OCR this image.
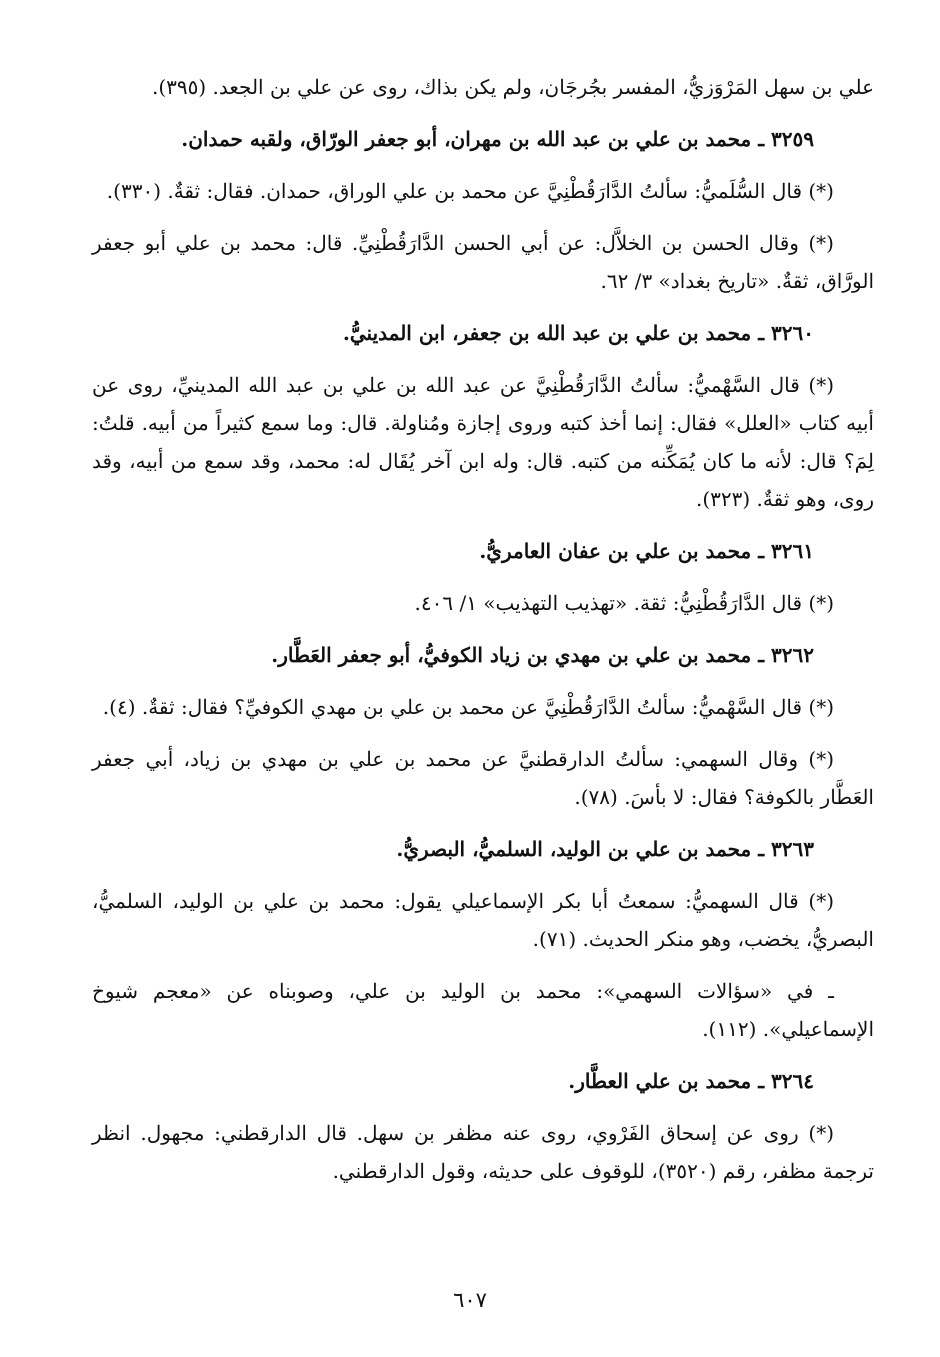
علي بن سهل المَرْوَزيُّ، المفسر بجُرجَان، ولم يكن بذاك، روى عن علي بن الجعد. (٣٩٥).

٣٢٥٩ ـ محمد بن علي بن عبد الله بن مهران، أبو جعفر الورّاق، ولقبه حمدان.

(*) قال السُّلَميُّ: سألتُ الدَّارَقُطْنِيَّ عن محمد بن علي الوراق، حمدان. فقال: ثقةٌ. (٣٣٠).

(*) وقال الحسن بن الخلاَّل: عن أبي الحسن الدَّارَقُطْنِيِّ. قال: محمد بن علي أبو جعفر الورَّاق، ثقةٌ. «تاريخ بغداد» ٣/ ٦٢.

٣٢٦٠ ـ محمد بن علي بن عبد الله بن جعفر، ابن المدينيُّ.

(*) قال السَّهْميُّ: سألتُ الدَّارَقُطْنِيَّ عن عبد الله بن علي بن عبد الله المدينيِّ، روى عن أبيه كتاب «العلل» فقال: إنما أخذ كتبه وروى إجازة ومُناولة. قال: وما سمع كثيراً من أبيه. قلتُ: لِمَ؟ قال: لأنه ما كان يُمَكِّنه من كتبه. قال: وله ابن آخر يُقَال له: محمد، وقد سمع من أبيه، وقد روى، وهو ثقةٌ. (٣٢٣).

٣٢٦١ ـ محمد بن علي بن عفان العامريُّ.

(*) قال الدَّارَقُطْنِيُّ: ثقة. «تهذيب التهذيب» ١/ ٤٠٦.

٣٢٦٢ ـ محمد بن علي بن مهدي بن زياد الكوفيُّ، أبو جعفر العَطَّار.

(*) قال السَّهْميُّ: سألتُ الدَّارَقُطْنِيَّ عن محمد بن علي بن مهدي الكوفيِّ؟ فقال: ثقةٌ. (٤).

(*) وقال السهمي: سألتُ الدارقطنيَّ عن محمد بن علي بن مهدي بن زياد، أبي جعفر العَطَّار بالكوفة؟ فقال: لا بأسَ. (٧٨).

٣٢٦٣ ـ محمد بن علي بن الوليد، السلميُّ، البصريُّ.

(*) قال السهميُّ: سمعتُ أبا بكر الإسماعيلي يقول: محمد بن علي بن الوليد، السلميُّ، البصريُّ، يخضب، وهو منكر الحديث. (٧١).

ـ في «سؤالات السهمي»: محمد بن الوليد بن علي، وصوبناه عن «معجم شيوخ الإسماعيلي». (١١٢).

٣٢٦٤ ـ محمد بن علي العطَّار.

(*) روى عن إسحاق الفَرْوي، روى عنه مظفر بن سهل. قال الدارقطني: مجهول. انظر ترجمة مظفر، رقم (٣٥٢٠)، للوقوف على حديثه، وقول الدارقطني.

٦٠٧
